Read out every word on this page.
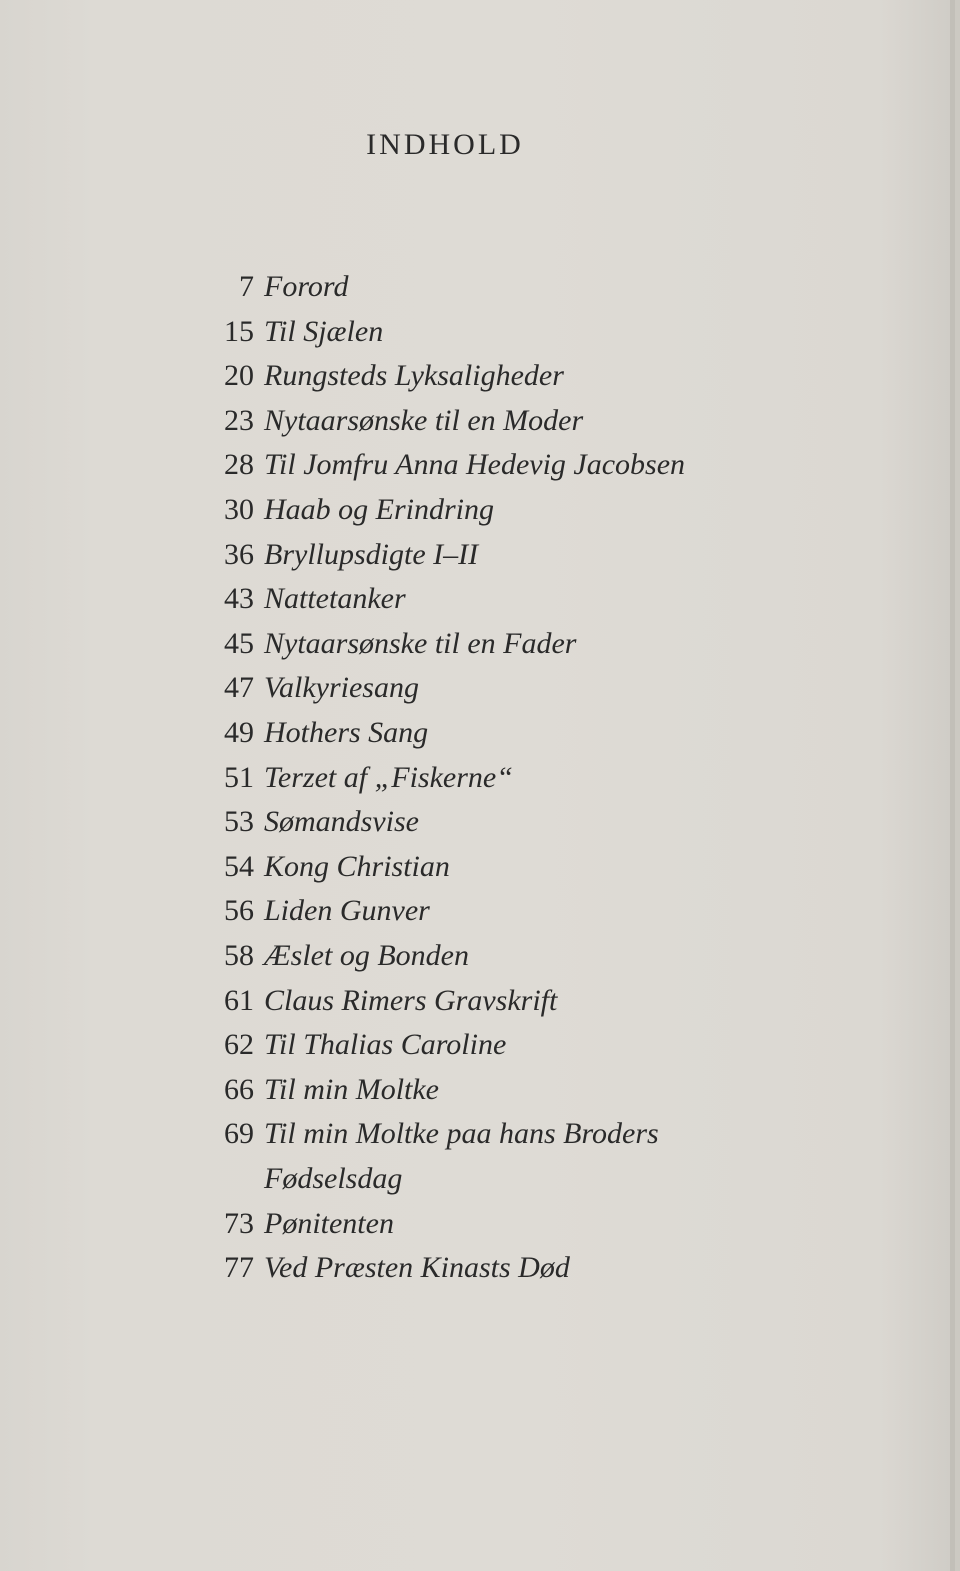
INDHOLD
7 Forord
15 Til Sjælen
20 Rungsteds Lyksaligheder
23 Nytaarsønske til en Moder
28 Til Jomfru Anna Hedevig Jacobsen
30 Haab og Erindring
36 Bryllupsdigte I–II
43 Nattetanker
45 Nytaarsønske til en Fader
47 Valkyriesang
49 Hothers Sang
51 Terzet af „Fiskerne“
53 Sømandsvise
54 Kong Christian
56 Liden Gunver
58 Æslet og Bonden
61 Claus Rimers Gravskrift
62 Til Thalias Caroline
66 Til min Moltke
69 Til min Moltke paa hans Broders
Fødselsdag
73 Pønitenten
77 Ved Præsten Kinasts Død
